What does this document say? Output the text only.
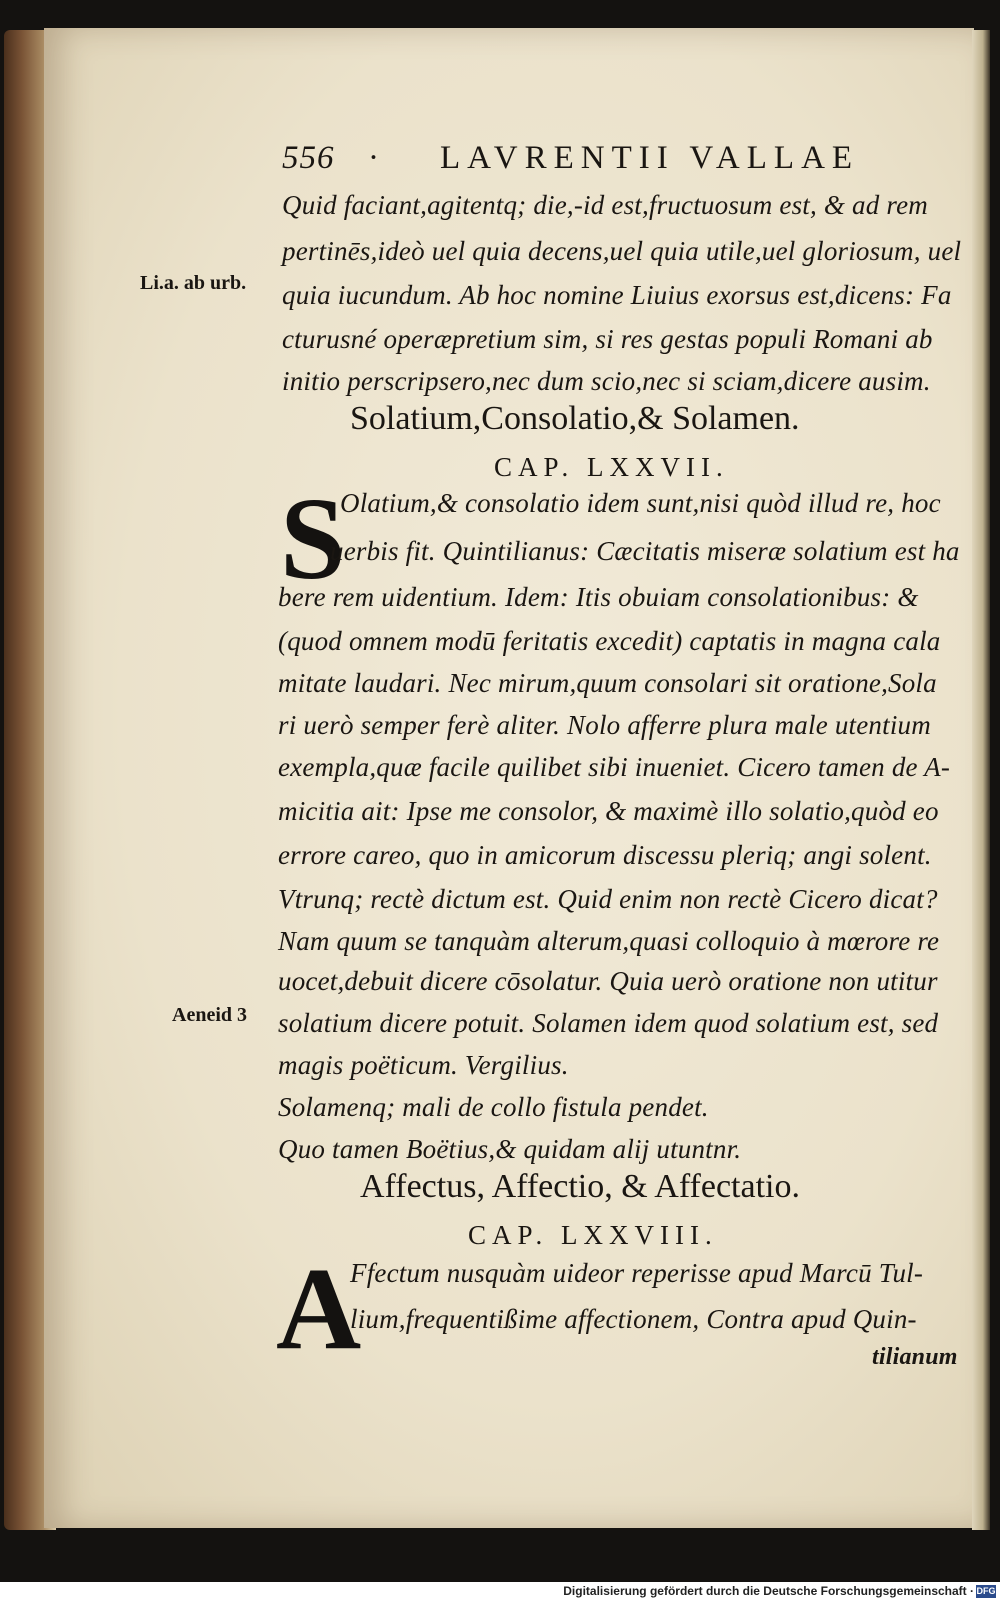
556 · LAVRENTII VALLAE
Li.a. ab urb.
Aeneid 3
Quid faciant,agitentq; die,-id est,fructuosum est, & ad rem
pertinēs,ideò uel quia decens,uel quia utile,uel gloriosum, uel
quia iucundum. Ab hoc nomine Liuius exorsus est,dicens: Fa
cturusné operæpretium sim, si res gestas populi Romani ab
initio perscripsero,nec dum scio,nec si sciam,dicere ausim.
Solatium,Consolatio,& Solamen.
CAP. LXXVII.
S
Olatium,& consolatio idem sunt,nisi quòd illud re, hoc
uerbis fit. Quintilianus: Cæcitatis miseræ solatium est ha
bere rem uidentium. Idem: Itis obuiam consolationibus: &
(quod omnem modū feritatis excedit) captatis in magna cala
mitate laudari. Nec mirum,quum consolari sit oratione,Sola
ri uerò semper ferè aliter. Nolo afferre plura male utentium
exempla,quæ facile quilibet sibi inueniet. Cicero tamen de A-
micitia ait: Ipse me consolor, & maximè illo solatio,quòd eo
errore careo, quo in amicorum discessu pleriq; angi solent.
Vtrunq; rectè dictum est. Quid enim non rectè Cicero dicat?
Nam quum se tanquàm alterum,quasi colloquio à mœrore re
uocet,debuit dicere cōsolatur. Quia uerò oratione non utitur
solatium dicere potuit. Solamen idem quod solatium est, sed
magis poëticum. Vergilius.
Solamenq; mali de collo fistula pendet.
Quo tamen Boëtius,& quidam alij utuntnr.
Affectus, Affectio, & Affectatio.
CAP. LXXVIII.
A
Ffectum nusquàm uideor reperisse apud Marcū Tul-
lium,frequentißime affectionem, Contra apud Quin-
tilianum
Digitalisierung gefördert durch die Deutsche Forschungsgemeinschaft · DFG
